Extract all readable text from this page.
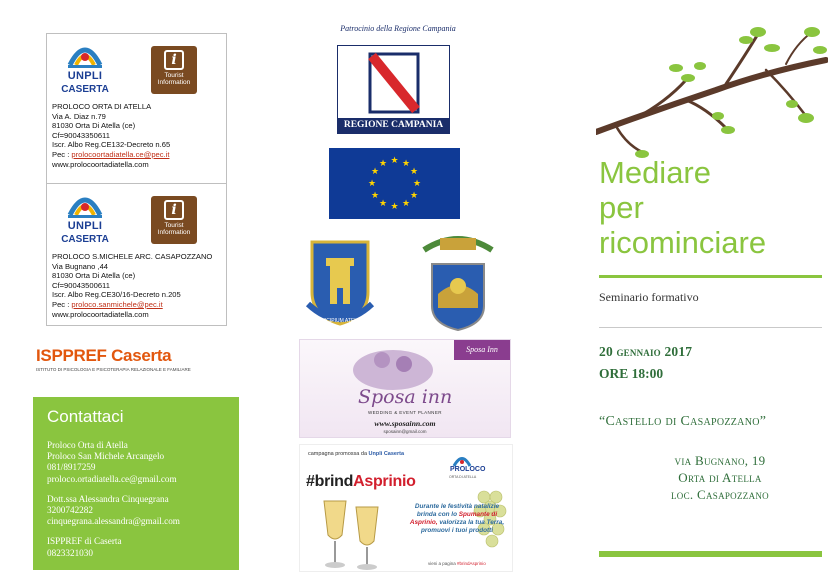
UNPLI
CASERTA
i
Tourist Information
PROLOCO ORTA DI ATELLA
Via A. Diaz n.79
81030 Orta Di Atella (ce)
Cf=90043350611
Iscr. Albo Reg.CE132-Decreto n.65
Pec : prolocoortadiatella.ce@pec.it
www.prolocoortadiatella.com
UNPLI
CASERTA
i
Tourist Information
PROLOCO S.MICHELE ARC. CASAPOZZANO
Via Bugnano ,44
81030 Orta Di Atella (ce)
Cf=90043500611
Iscr. Albo Reg.CE30/16-Decreto n.205
Pec : proloco.sanmichele@pec.it
www.prolocoortadiatella.com
ISPPREF Caserta
ISTITUTO DI PSICOLOGIA E PSICOTERAPIA RELAZIONALE E FAMILIARE
Contattaci
Proloco Orta di Atella
Proloco San Michele Arcangelo
081/8917259
proloco.ortadiatella.ce@gmail.com
Dott.ssa Alessandra Cinquegrana
3200742282
cinquegrana.alessandra@gmail.com
ISPPREF di Caserta
0823321030
Patrocinio della Regione Campania
REGIONE CAMPANIA
★ ★
★
★
★
★
★
★
★
★
★
★
MUNICIPIUM ATELLAE
Sposa Inn
Sposa inn
WEDDING & EVENT PLANNER
www.sposainn.com
sposainn@gmail.com
campagna promossa da Unpli Caserta
PROLOCO
ORTA DI ATELLA
#brindAsprinio
Durante le festività natalizie brinda con lo Spumante di Asprinio, valorizza la tua Terra, promuovi i tuoi prodotti
vieni a pagina #brindAsprinio
Mediare
per
ricominciare
Seminario formativo
20 gennaio 2017
ORE 18:00
“Castello di Casapozzano”
via Bugnano, 19
Orta di Atella
loc. Casapozzano
